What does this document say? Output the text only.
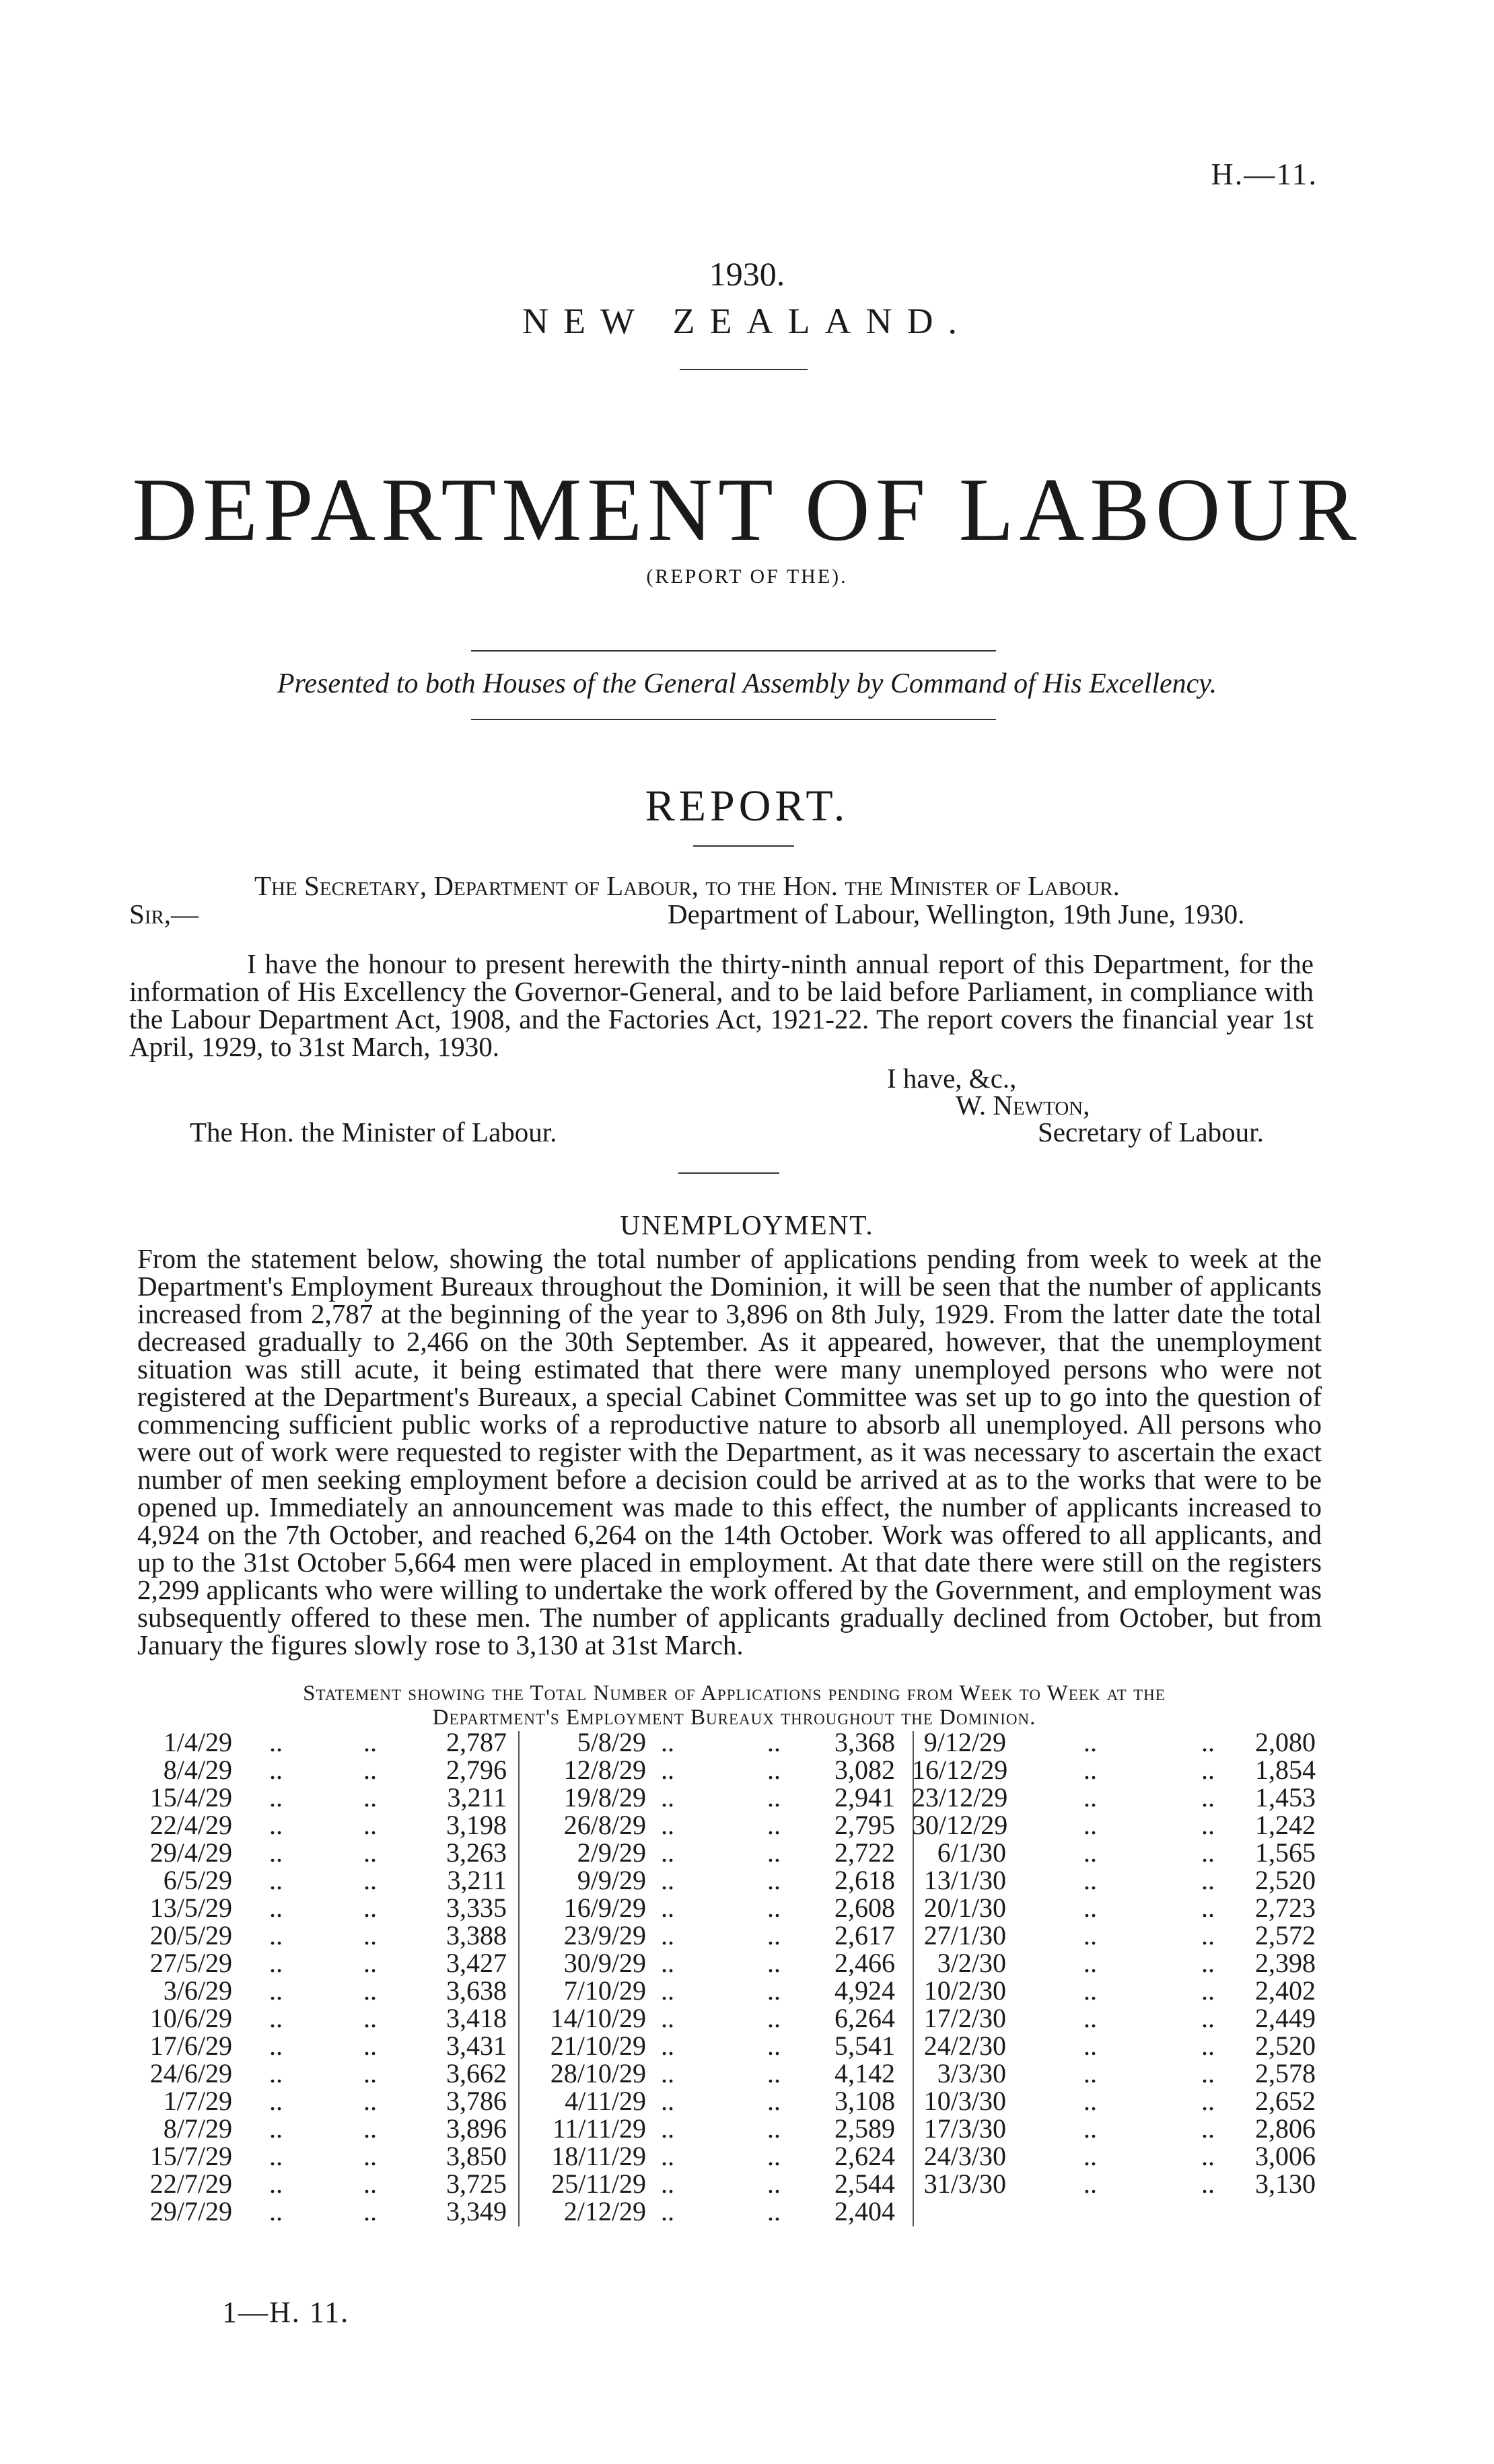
H.—11.
1930.
NEW ZEALAND.
DEPARTMENT OF LABOUR
(REPORT OF THE).
Presented to both Houses of the General Assembly by Command of His Excellency.
REPORT.
The Secretary, Department of Labour, to the Hon. the Minister of Labour.
Sir,—	Department of Labour, Wellington, 19th June, 1930.

I have the honour to present herewith the thirty-ninth annual report of this Department, for the information of His Excellency the Governor-General, and to be laid before Parliament, in compliance with the Labour Department Act, 1908, and the Factories Act, 1921-22. The report covers the financial year 1st April, 1929, to 31st March, 1930.

I have, &c.,
W. Newton,
The Hon. the Minister of Labour.	Secretary of Labour.
UNEMPLOYMENT.

From the statement below, showing the total number of applications pending from week to week at the Department's Employment Bureaux throughout the Dominion, it will be seen that the number of applicants increased from 2,787 at the beginning of the year to 3,896 on 8th July, 1929. From the latter date the total decreased gradually to 2,466 on the 30th September. As it appeared, however, that the unemployment situation was still acute, it being estimated that there were many unemployed persons who were not registered at the Department's Bureaux, a special Cabinet Committee was set up to go into the question of commencing sufficient public works of a reproductive nature to absorb all unemployed. All persons who were out of work were requested to register with the Department, as it was necessary to ascertain the exact number of men seeking employment before a decision could be arrived at as to the works that were to be opened up. Immediately an announcement was made to this effect, the number of applicants increased to 4,924 on the 7th October, and reached 6,264 on the 14th October. Work was offered to all applicants, and up to the 31st October 5,664 men were placed in employment. At that date there were still on the registers 2,299 applicants who were willing to undertake the work offered by the Government, and employment was subsequently offered to these men. The number of applicants gradually declined from October, but from January the figures slowly rose to 3,130 at 31st March.

Statement showing the Total Number of Applications pending from Week to Week at the
Department's Employment Bureaux throughout the Dominion.
1/4/29 ..	..	2,787
8/4/29 ..	..	2,796
15/4/29 ..	..	3,211
22/4/29 ..	..	3,198
29/4/29 ..	..	3,263
6/5/29 ..	..	3,211
13/5/29 ..	..	3,335
20/5/29 ..	..	3,388
27/5/29 ..	..	3,427
3/6/29 ..	..	3,638
10/6/29 ..	..	3,418
17/6/29 ..	..	3,431
24/6/29 ..	..	3,662
1/7/29 ..	..	3,786
8/7/29 ..	..	3,896
15/7/29 ..	..	3,850
22/7/29 ..	..	3,725
29/7/29 ..	..	3,349
5/8/29 ..	..	3,368
12/8/29 ..	..	3,082
19/8/29 ..	..	2,941
26/8/29 ..	..	2,795
2/9/29 ..	..	2,722
9/9/29 ..	..	2,618
16/9/29 ..	..	2,608
23/9/29 ..	..	2,617
30/9/29 ..	..	2,466
7/10/29 ..	..	4,924
14/10/29 ..	..	6,264
21/10/29 ..	..	5,541
28/10/29 ..	..	4,142
4/11/29 ..	..	3,108
11/11/29 ..	..	2,589
18/11/29 ..	..	2,624
25/11/29 ..	..	2,544
2/12/29 ..	..	2,404
9/12/29	..	..	2,080
16/12/29	..	..	1,854
23/12/29	..	..	1,453
30/12/29	..	..	1,242
6/1/30	..	..	1,565
13/1/30	..	..	2,520
20/1/30	..	..	2,723
27/1/30	..	..	2,572
3/2/30	..	..	2,398
10/2/30	..	..	2,402
17/2/30	..	..	2,449
24/2/30	..	..	2,520
3/3/30	..	..	2,578
10/3/30	..	..	2,652
17/3/30	..	..	2,806
24/3/30	..	..	3,006
31/3/30	..	..	3,130
1—H. 11.
